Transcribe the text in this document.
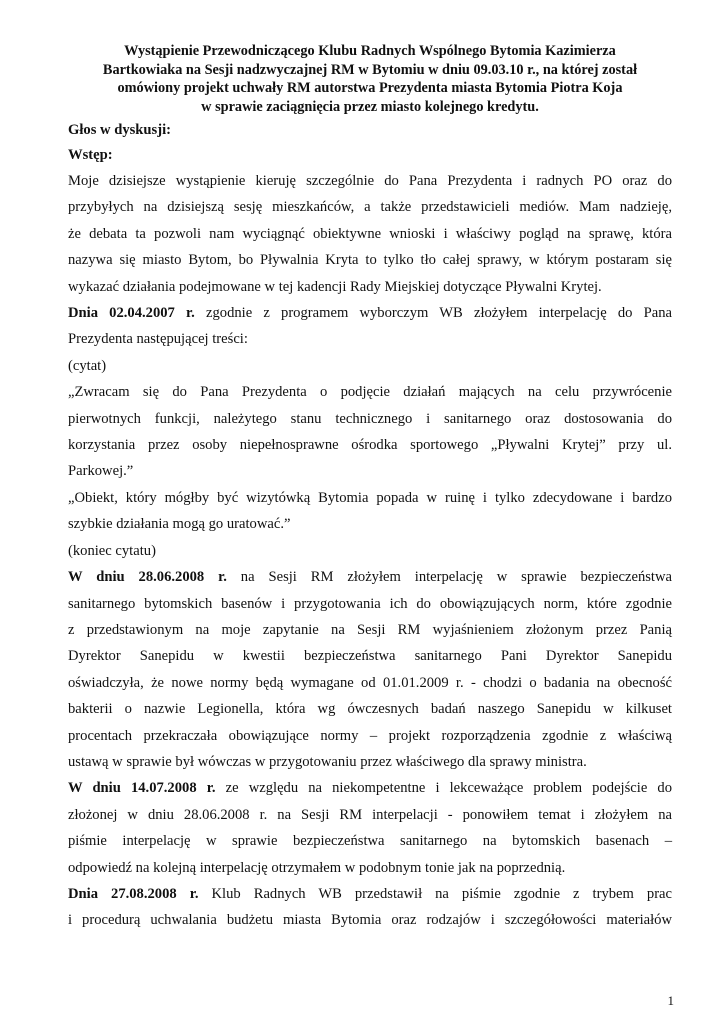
Wystąpienie Przewodniczącego Klubu Radnych Wspólnego Bytomia Kazimierza
Bartkowiaka na Sesji nadzwyczajnej RM w Bytomiu w dniu 09.03.10 r., na której został
omówiony projekt uchwały RM autorstwa Prezydenta miasta Bytomia Piotra Koja
w sprawie zaciągnięcia przez miasto kolejnego kredytu.
Głos w dyskusji:
Wstęp:
Moje dzisiejsze wystąpienie kieruję szczególnie do Pana Prezydenta i radnych PO oraz do
przybyłych na dzisiejszą sesję mieszkańców, a także przedstawicieli mediów. Mam nadzieję,
że debata ta pozwoli nam wyciągnąć obiektywne wnioski i właściwy pogląd na sprawę, która
nazywa się miasto Bytom, bo Pływalnia Kryta to tylko tło całej sprawy, w którym postaram się
wykazać działania podejmowane w tej kadencji Rady Miejskiej dotyczące Pływalni Krytej.
Dnia 02.04.2007 r. zgodnie z programem wyborczym WB złożyłem interpelację do Pana
Prezydenta następującej treści:
(cytat)
„Zwracam się do Pana Prezydenta o podjęcie działań mających na celu przywrócenie
pierwotnych funkcji, należytego stanu technicznego i sanitarnego oraz dostosowania do
korzystania przez osoby niepełnosprawne ośrodka sportowego „Pływalni Krytej” przy ul.
Parkowej.”
„Obiekt, który mógłby być wizytówką Bytomia popada w ruinę i tylko zdecydowane i bardzo
szybkie działania mogą go uratować.”
(koniec cytatu)
W dniu 28.06.2008 r. na Sesji RM złożyłem interpelację w sprawie bezpieczeństwa
sanitarnego bytomskich basenów i przygotowania ich do obowiązujących norm, które zgodnie
z przedstawionym na moje zapytanie na Sesji RM wyjaśnieniem złożonym przez Panią
Dyrektor Sanepidu w kwestii bezpieczeństwa sanitarnego Pani Dyrektor Sanepidu
oświadczyła, że nowe normy będą wymagane od 01.01.2009 r. - chodzi o badania na obecność
bakterii o nazwie Legionella, która wg ówczesnych badań naszego Sanepidu w kilkuset
procentach przekraczała obowiązujące normy – projekt rozporządzenia zgodnie z właściwą
ustawą w sprawie był wówczas w przygotowaniu przez właściwego dla sprawy ministra.
W dniu 14.07.2008 r. ze względu na niekompetentne i lekceważące problem podejście do
złożonej w dniu 28.06.2008 r. na Sesji RM interpelacji - ponowiłem temat i złożyłem na
piśmie interpelację w sprawie bezpieczeństwa sanitarnego na bytomskich basenach –
odpowiedź na kolejną interpelację otrzymałem w podobnym tonie jak na poprzednią.
Dnia 27.08.2008 r. Klub Radnych WB przedstawił na piśmie zgodnie z trybem prac
i procedurą uchwalania budżetu miasta Bytomia oraz rodzajów i szczegółowości materiałów
1
